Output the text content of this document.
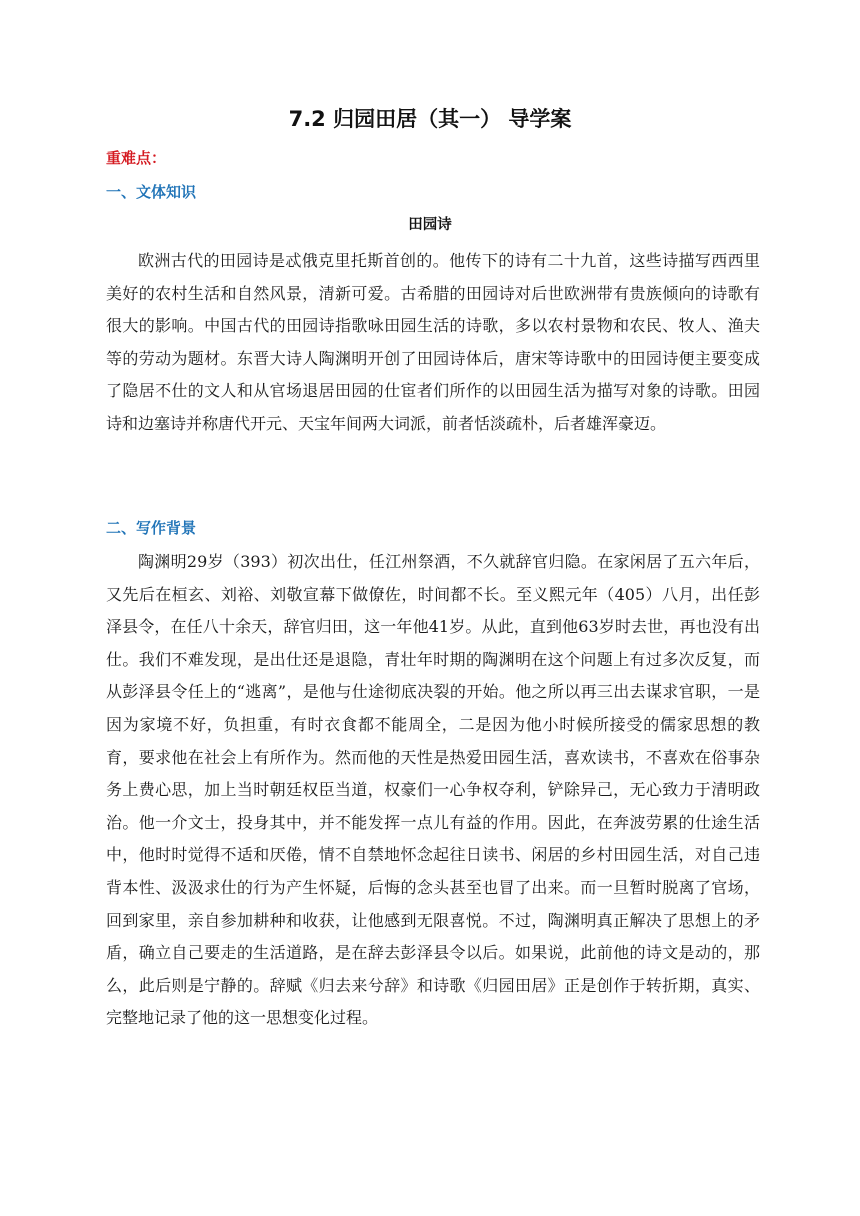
7.2 归园田居（其一） 导学案
重难点：
一、文体知识
田园诗

欧洲古代的田园诗是忒俄克里托斯首创的。他传下的诗有二十九首，这些诗描写西西里美好的农村生活和自然风景，清新可爱。古希腊的田园诗对后世欧洲带有贵族倾向的诗歌有很大的影响。中国古代的田园诗指歌咏田园生活的诗歌，多以农村景物和农民、牧人、渔夫等的劳动为题材。东晋大诗人陶渊明开创了田园诗体后，唐宋等诗歌中的田园诗便主要变成了隐居不仕的文人和从官场退居田园的仕宦者们所作的以田园生活为描写对象的诗歌。田园诗和边塞诗并称唐代开元、天宝年间两大词派，前者恬淡疏朴，后者雄浑豪迈。

二、写作背景

陶渊明29岁（393）初次出仕，任江州祭酒，不久就辞官归隐。在家闲居了五六年后，又先后在桓玄、刘裕、刘敬宣幕下做僚佐，时间都不长。至义熙元年（405）八月，出任彭泽县令，在任八十余天，辞官归田，这一年他41岁。从此，直到他63岁时去世，再也没有出仕。我们不难发现，是出仕还是退隐，青壮年时期的陶渊明在这个问题上有过多次反复，而从彭泽县令任上的“逃离”，是他与仕途彻底决裂的开始。他之所以再三出去谋求官职，一是因为家境不好，负担重，有时衣食都不能周全，二是因为他小时候所接受的儒家思想的教育，要求他在社会上有所作为。然而他的天性是热爱田园生活，喜欢读书，不喜欢在俗事杂务上费心思，加上当时朝廷权臣当道，权豪们一心争权夺利，铲除异己，无心致力于清明政治。他一介文士，投身其中，并不能发挥一点儿有益的作用。因此，在奔波劳累的仕途生活中，他时时觉得不适和厌倦，情不自禁地怀念起往日读书、闲居的乡村田园生活，对自己违背本性、汲汲求仕的行为产生怀疑，后悔的念头甚至也冒了出来。而一旦暂时脱离了官场，回到家里，亲自参加耕种和收获，让他感到无限喜悦。不过，陶渊明真正解决了思想上的矛盾，确立自己要走的生活道路，是在辞去彭泽县令以后。如果说，此前他的诗文是动的，那么，此后则是宁静的。辞赋《归去来兮辞》和诗歌《归园田居》正是创作于转折期，真实、完整地记录了他的这一思想变化过程。
